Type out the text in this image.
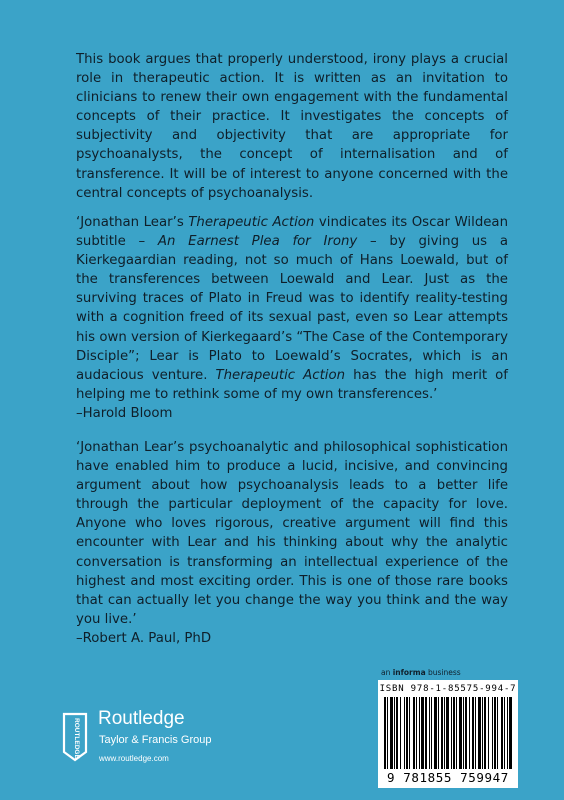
This book argues that properly understood, irony plays a crucial role in therapeutic action. It is written as an invitation to clinicians to renew their own engagement with the fundamental concepts of their practice. It investigates the concepts of subjectivity and objectivity that are appropriate for psychoanalysts, the concept of internalisation and of transference. It will be of interest to anyone concerned with the central concepts of psychoanalysis.
‘Jonathan Lear’s Therapeutic Action vindicates its Oscar Wildean subtitle – An Earnest Plea for Irony – by giving us a Kierkegaardian reading, not so much of Hans Loewald, but of the transferences between Loewald and Lear. Just as the surviving traces of Plato in Freud was to identify reality-testing with a cognition freed of its sexual past, even so Lear attempts his own version of Kierkegaard’s “The Case of the Contemporary Disciple”; Lear is Plato to Loewald’s Socrates, which is an audacious venture. Therapeutic Action has the high merit of helping me to rethink some of my own transferences.’
–Harold Bloom
‘Jonathan Lear’s psychoanalytic and philosophical sophistication have enabled him to produce a lucid, incisive, and convincing argument about how psychoanalysis leads to a better life through the particular deployment of the capacity for love. Anyone who loves rigorous, creative argument will find this encounter with Lear and his thinking about why the analytic conversation is transforming an intellectual experience of the highest and most exciting order. This is one of those rare books that can actually let you change the way you think and the way you live.’
–Robert A. Paul, PhD
an informa business
ISBN 978-1-85575-994-7
9 781855 759947
ROUTLEDGE Routledge
Taylor & Francis Group
www.routledge.com
